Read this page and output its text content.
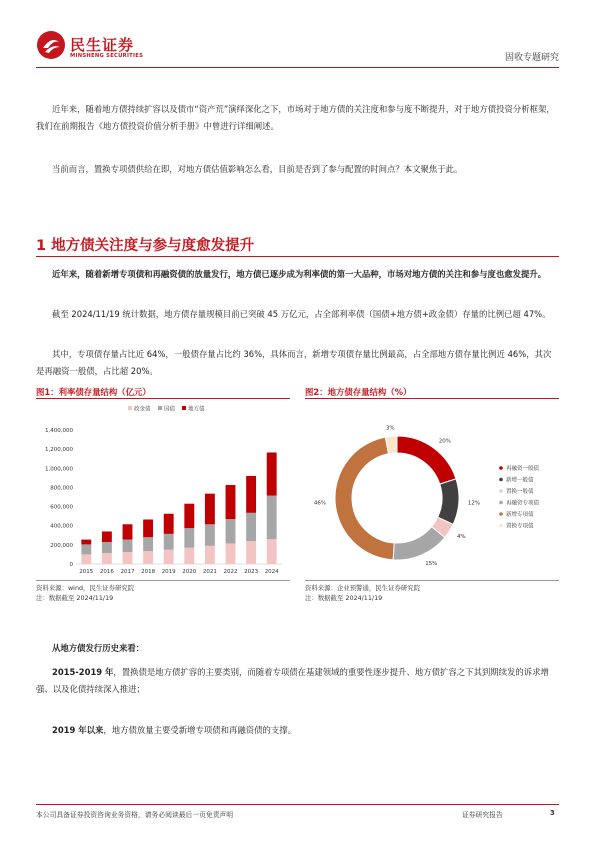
民生证券
MINSHENG SECURITIES	固收专题研究

近年来，随着地方债持续扩容以及债市“资产荒”演绎深化之下，市场对于地方债的关注度和参与度不断提升，对于地方债投资分析框架，我们在前期报告《地方债投资价值分析手册》中曾进行详细阐述。

当前而言，置换专项债供给在即，对地方债估值影响怎么看，目前是否到了参与配置的时间点？本文聚焦于此。

1 地方债关注度与参与度愈发提升

近年来，随着新增专项债和再融资债的放量发行，地方债已逐步成为利率债的第一大品种，市场对地方债的关注和参与度也愈发提升。

截至 2024/11/19 统计数据，地方债存量规模目前已突破 45 万亿元，占全部利率债（国债+地方债+政金债）存量的比例已超 47%。

其中，专项债存量占比近 64%，一般债存量占比约 36%，具体而言，新增专项债存量比例最高，占全部地方债存量比例近 46%，其次是再融资一般债，占比超 20%。

图1：利率债存量结构（亿元）
政金债 国债 地方债
0
200,000
400,000
600,000
800,000
1,000,000
1,200,000
1,400,000
2015 2016 2017 2018 2019 2020 2021 2022 2023 2024
资料来源：wind，民生证券研究院
注：数据截至 2024/11/19
图2：地方债存量结构（%）
20%
12%
4%
15%
46%
3%
再融资一般债
新增一般债
置换一般债
再融资专项债
新增专项债
置换专项债
资料来源：企业预警通，民生证券研究院
注：数据截至 2024/11/19

从地方债发行历史来看：

2015-2019 年，置换债是地方债扩容的主要类别，而随着专项债在基建领域的重要性逐步提升、地方债扩容之下其到期续发的诉求增强、以及化债持续深入推进；

2019 年以来，地方债放量主要受新增专项债和再融资债的支撑。

本公司具备证券投资咨询业务资格，请务必阅读最后一页免责声明	证券研究报告	3
